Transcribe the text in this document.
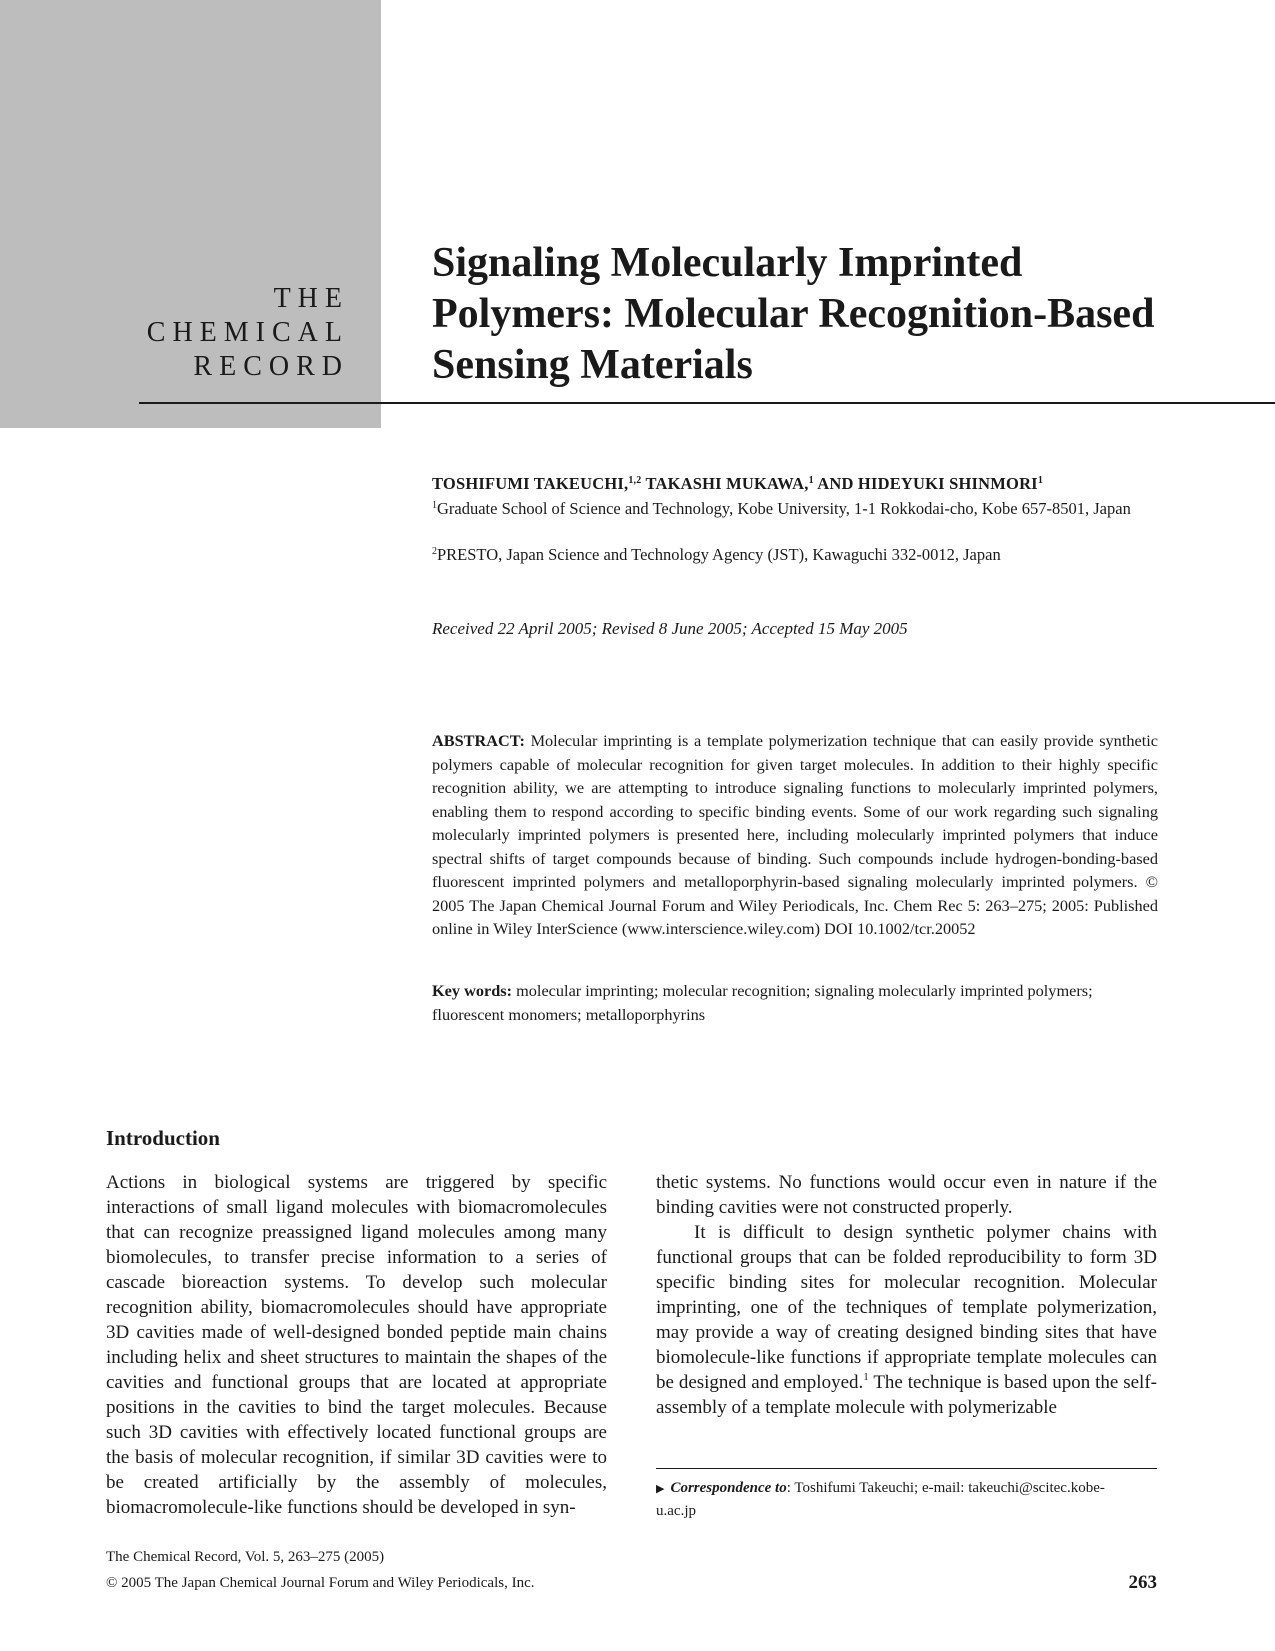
THE
CHEMICAL
RECORD
Signaling Molecularly Imprinted
Polymers: Molecular Recognition-Based
Sensing Materials
TOSHIFUMI TAKEUCHI,$^{1,2}$ TAKASHI MUKAWA,$^1$ AND HIDEYUKI SHINMORI$^1$
$^1$Graduate School of Science and Technology, Kobe University, 1-1 Rokkodai-cho, Kobe 657-8501, Japan
$^2$PRESTO, Japan Science and Technology Agency (JST), Kawaguchi 332-0012, Japan
Received 22 April 2005; Revised 8 June 2005; Accepted 15 May 2005
ABSTRACT: Molecular imprinting is a template polymerization technique that can easily provide synthetic polymers capable of molecular recognition for given target molecules. In addition to their highly specific recognition ability, we are attempting to introduce signaling functions to molecularly imprinted polymers, enabling them to respond according to specific binding events. Some of our work regarding such signaling molecularly imprinted polymers is presented here, including molecularly imprinted polymers that induce spectral shifts of target compounds because of binding. Such compounds include hydrogen-bonding-based fluorescent imprinted polymers and metalloporphyrin-based signaling molecularly imprinted polymers. © 2005 The Japan Chemical Journal Forum and Wiley Periodicals, Inc. Chem Rec 5: 263–275; 2005: Published online in Wiley InterScience (www.interscience.wiley.com) DOI 10.1002/tcr.20052
Key words: molecular imprinting; molecular recognition; signaling molecularly imprinted polymers; fluorescent monomers; metalloporphyrins
Introduction

Actions in biological systems are triggered by specific interactions of small ligand molecules with biomacromolecules that can recognize preassigned ligand molecules among many biomolecules, to transfer precise information to a series of cascade bioreaction systems. To develop such molecular recognition ability, biomacromolecules should have appropriate 3D cavities made of well-designed bonded peptide main chains including helix and sheet structures to maintain the shapes of the cavities and functional groups that are located at appropriate positions in the cavities to bind the target molecules. Because such 3D cavities with effectively located functional groups are the basis of molecular recognition, if similar 3D cavities were to be created artificially by the assembly of molecules, biomacromolecule-like functions should be developed in syn-

thetic systems. No functions would occur even in nature if the binding cavities were not constructed properly.

It is difficult to design synthetic polymer chains with functional groups that can be folded reproducibility to form 3D specific binding sites for molecular recognition. Molecular imprinting, one of the techniques of template polymerization, may provide a way of creating designed binding sites that have biomolecule-like functions if appropriate template molecules can be designed and employed.$^1$ The technique is based upon the self-assembly of a template molecule with polymerizable

▶ Correspondence to: Toshifumi Takeuchi; e-mail: takeuchi@scitec.kobe-u.ac.jp
The Chemical Record, Vol. 5, 263–275 (2005)
© 2005 The Japan Chemical Journal Forum and Wiley Periodicals, Inc.	263
